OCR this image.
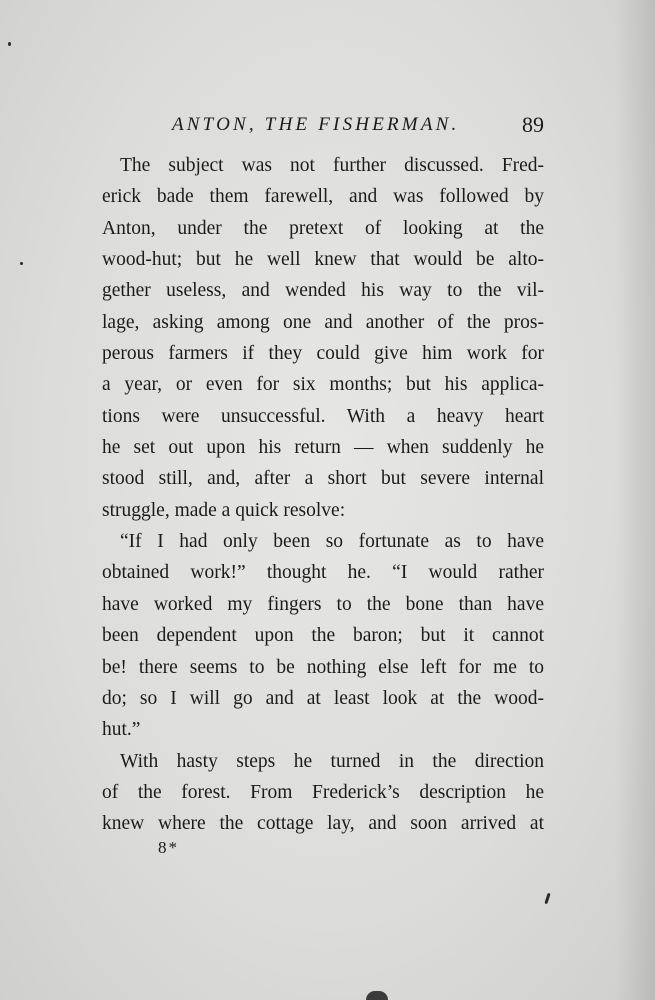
ANTON, THE FISHERMAN.	89
The subject was not further discussed. Fred-
erick bade them farewell, and was followed by
Anton, under the pretext of looking at the
wood-hut; but he well knew that would be alto-
gether useless, and wended his way to the vil-
lage, asking among one and another of the pros-
perous farmers if they could give him work for
a year, or even for six months; but his applica-
tions were unsuccessful. With a heavy heart
he set out upon his return — when suddenly he
stood still, and, after a short but severe internal
struggle, made a quick resolve:
“If I had only been so fortunate as to have
obtained work!” thought he. “I would rather
have worked my fingers to the bone than have
been dependent upon the baron; but it cannot
be! there seems to be nothing else left for me to
do; so I will go and at least look at the wood-
hut.”
With hasty steps he turned in the direction
of the forest. From Frederick’s description he
knew where the cottage lay, and soon arrived at
8*
